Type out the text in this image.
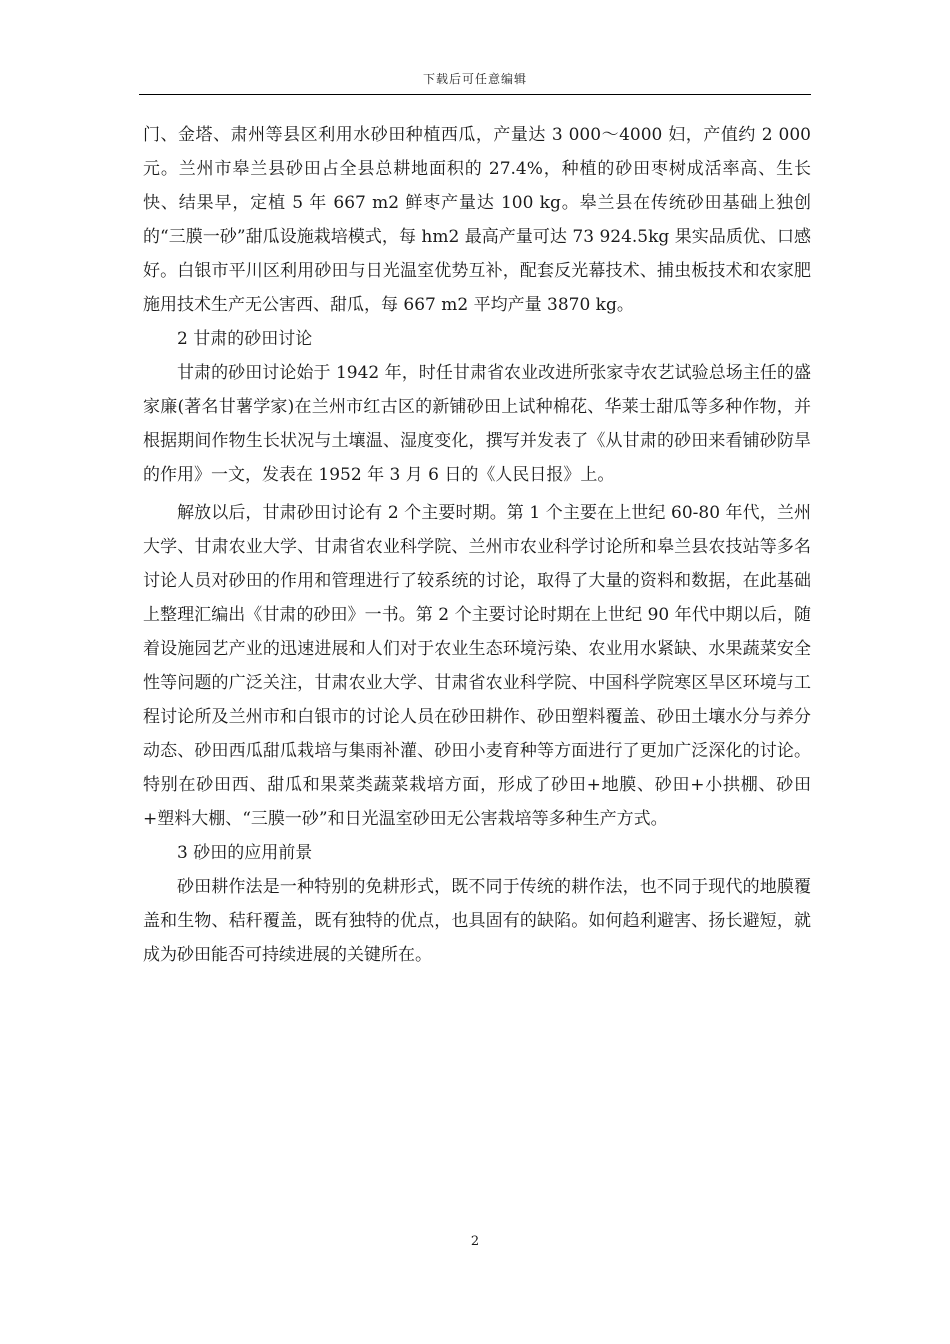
下载后可任意编辑

门、金塔、肃州等县区利用水砂田种植西瓜，产量达 3 000～4000 妇，产值约 2 000 元。兰州市皋兰县砂田占全县总耕地面积的 27.4%，种植的砂田枣树成活率高、生长快、结果早，定植 5 年 667 m2 鲜枣产量达 100 kg。皋兰县在传统砂田基础上独创的“三膜一砂”甜瓜设施栽培模式，每 hm2 最高产量可达 73 924.5kg 果实品质优、口感好。白银市平川区利用砂田与日光温室优势互补，配套反光幕技术、捕虫板技术和农家肥施用技术生产无公害西、甜瓜，每 667 m2 平均产量 3870 kg。

2 甘肃的砂田讨论

甘肃的砂田讨论始于 1942 年，时任甘肃省农业改进所张家寺农艺试验总场主任的盛家廉(著名甘薯学家)在兰州市红古区的新铺砂田上试种棉花、华莱士甜瓜等多种作物，并根据期间作物生长状况与土壤温、湿度变化，撰写并发表了《从甘肃的砂田来看铺砂防旱的作用》一文，发表在 1952 年 3 月 6 日的《人民日报》上。

解放以后，甘肃砂田讨论有 2 个主要时期。第 1 个主要在上世纪 60-80 年代，兰州大学、甘肃农业大学、甘肃省农业科学院、兰州市农业科学讨论所和皋兰县农技站等多名讨论人员对砂田的作用和管理进行了较系统的讨论，取得了大量的资料和数据，在此基础上整理汇编出《甘肃的砂田》一书。第 2 个主要讨论时期在上世纪 90 年代中期以后，随着设施园艺产业的迅速进展和人们对于农业生态环境污染、农业用水紧缺、水果蔬菜安全性等问题的广泛关注，甘肃农业大学、甘肃省农业科学院、中国科学院寒区旱区环境与工程讨论所及兰州市和白银市的讨论人员在砂田耕作、砂田塑料覆盖、砂田土壤水分与养分动态、砂田西瓜甜瓜栽培与集雨补灌、砂田小麦育种等方面进行了更加广泛深化的讨论。特别在砂田西、甜瓜和果菜类蔬菜栽培方面，形成了砂田+地膜、砂田+小拱棚、砂田+塑料大棚、“三膜一砂”和日光温室砂田无公害栽培等多种生产方式。

3 砂田的应用前景

砂田耕作法是一种特别的免耕形式，既不同于传统的耕作法，也不同于现代的地膜覆盖和生物、秸秆覆盖，既有独特的优点，也具固有的缺陷。如何趋利避害、扬长避短，就成为砂田能否可持续进展的关键所在。

2
